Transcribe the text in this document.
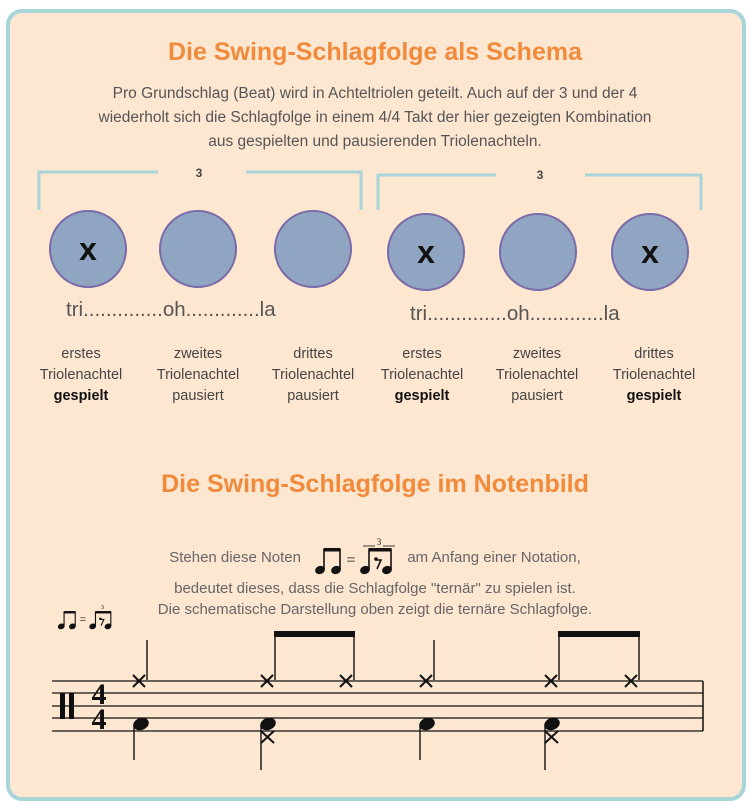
Die Swing-Schlagfolge als Schema
Pro Grundschlag (Beat) wird in Achteltriolen geteilt. Auch auf der 3 und der 4
wiederholt sich die Schlagfolge in einem 4/4 Takt der hier gezeigten Kombination
aus gespielten und pausierenden Triolenachteln.
x	x	x
3	3
tri..............oh.............la	tri..............oh.............la
erstes
Triolenachtel
gespielt
zweites
Triolenachtel
pausiert
drittes
Triolenachtel
pausiert
erstes
Triolenachtel
gespielt
zweites
Triolenachtel
pausiert
drittes
Triolenachtel
gespielt
Die Swing-Schlagfolge im Notenbild
Stehen diese Noten	=
3
am Anfang einer Notation,
bedeutet dieses, dass die Schlagfolge "ternär" zu spielen ist.
Die schematische Darstellung oben zeigt die ternäre Schlagfolge.
=
3
4
4
